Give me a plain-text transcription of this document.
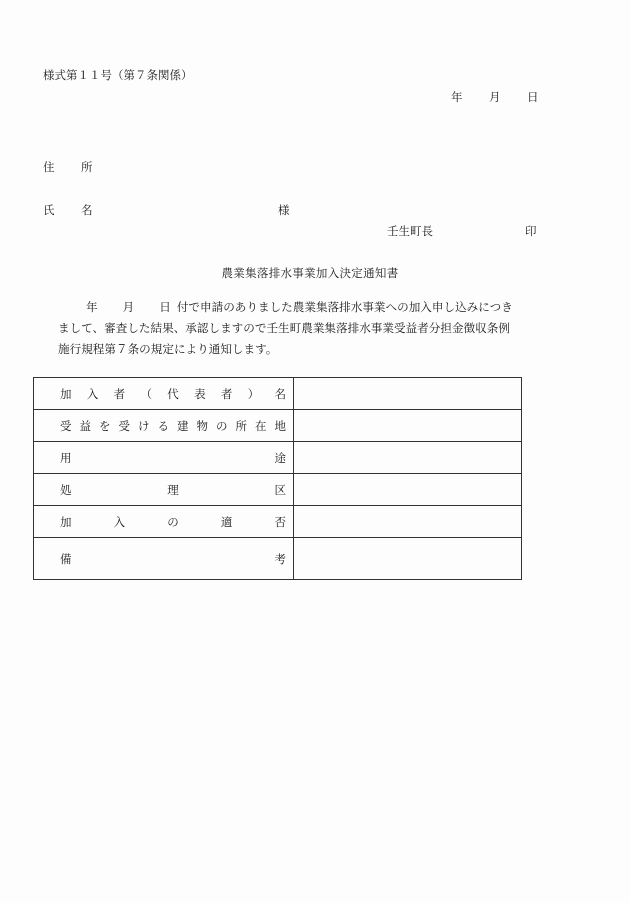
様式第１１号（第７条関係）
年 月 日
住 所
氏 名	様
壬生町長	印
農業集落排水事業加入決定通知書

年 月 日 付で申請のありました農業集落排水事業への加入申し込みにつき

まして、審査した結果、承認しますので壬生町農業集落排水事業受益者分担金徴収条例

施行規程第７条の規定により通知します。

加 入 者 （ 代 表 者 ） 名

受 益 を 受 け る 建 物 の 所 在 地

用 途	

処 理 区	

加 入 の 適 否	

備 考	
